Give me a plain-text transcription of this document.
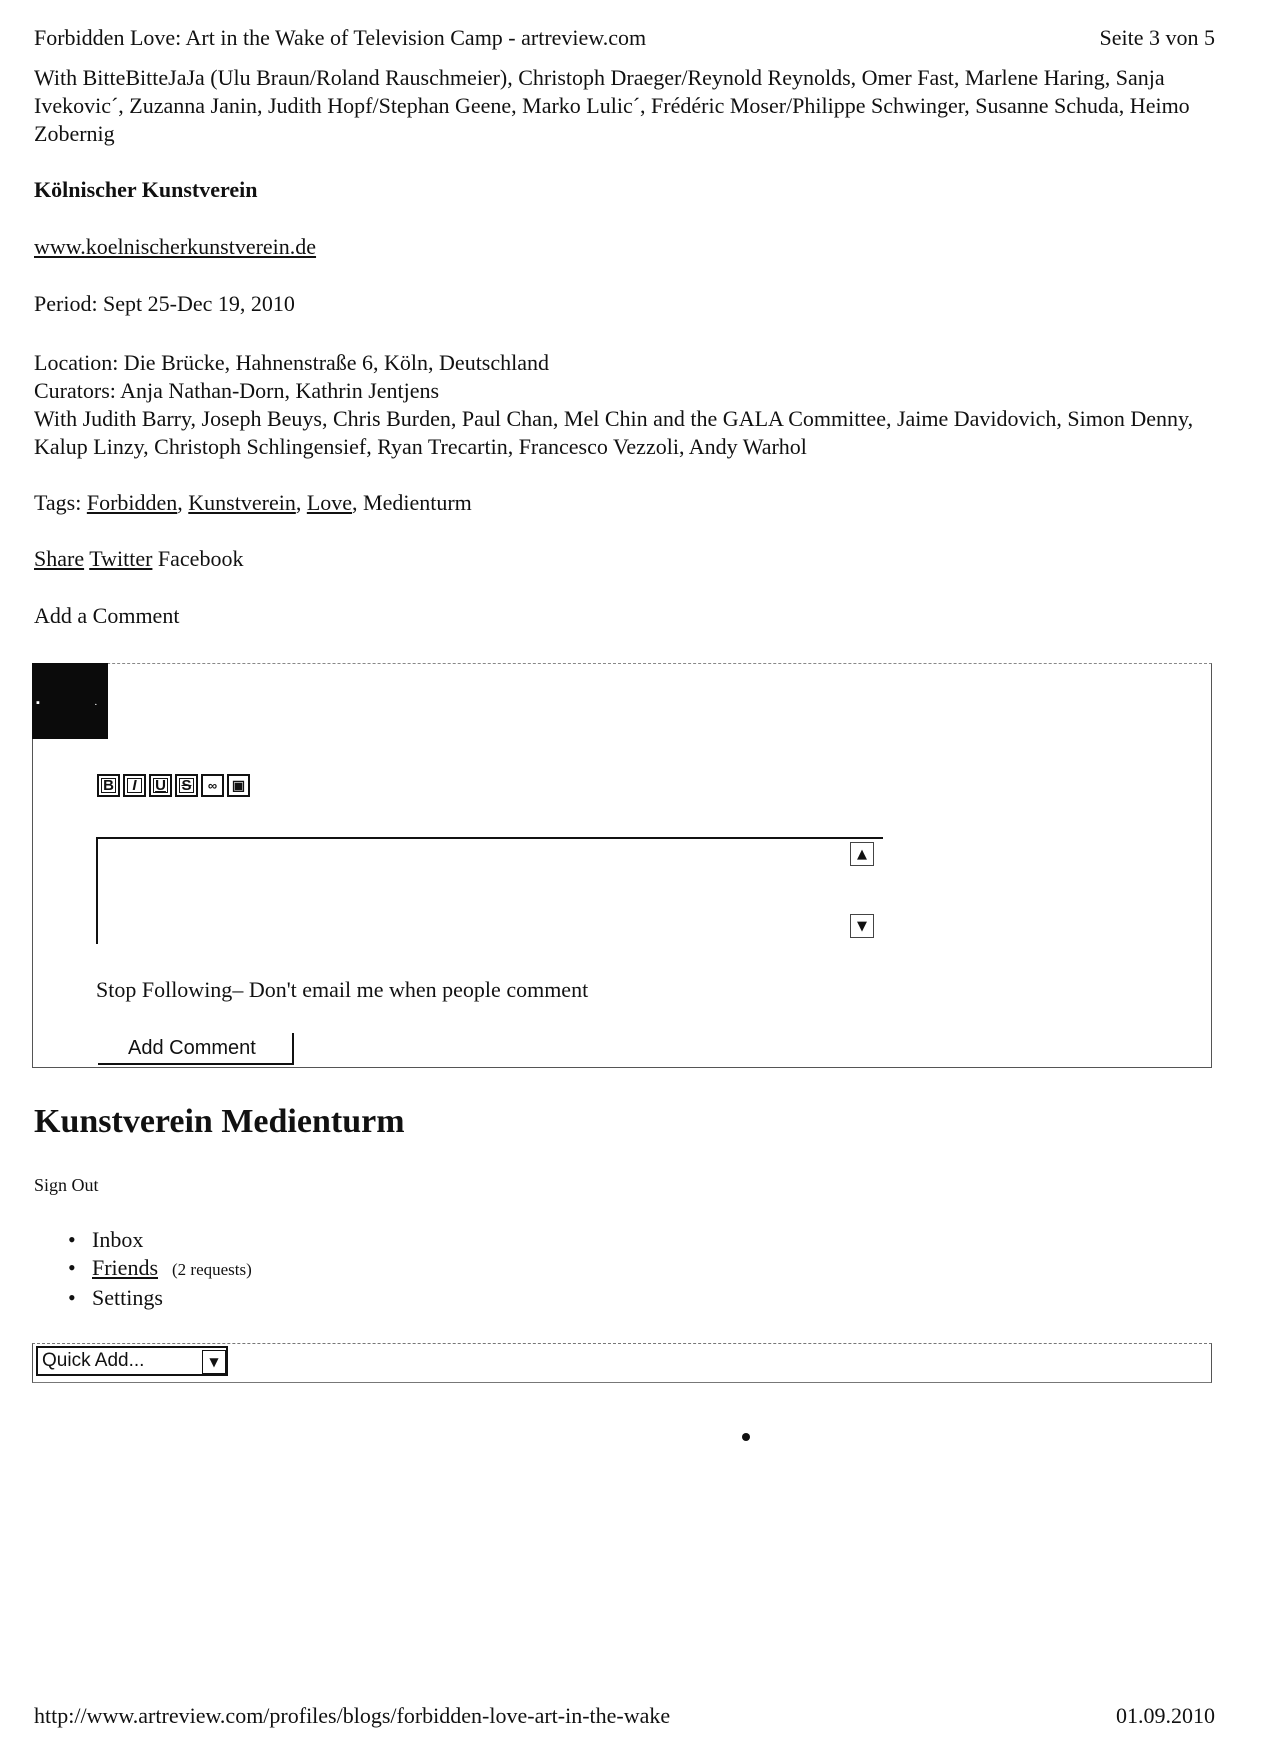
Forbidden Love: Art in the Wake of Television Camp - artreview.com	Seite 3 von 5
With BitteBitteJaJa (Ulu Braun/Roland Rauschmeier), Christoph Draeger/Reynold Reynolds, Omer Fast, Marlene Haring, Sanja Ivekovic´, Zuzanna Janin, Judith Hopf/Stephan Geene, Marko Lulic´, Frédéric Moser/Philippe Schwinger, Susanne Schuda, Heimo Zobernig
Kölnischer Kunstverein
www.koelnischerkunstverein.de
Period: Sept 25-Dec 19, 2010
Location: Die Brücke, Hahnenstraße 6, Köln, Deutschland
Curators: Anja Nathan-Dorn, Kathrin Jentjens
With Judith Barry, Joseph Beuys, Chris Burden, Paul Chan, Mel Chin and the GALA Committee, Jaime Davidovich, Simon Denny, Kalup Linzy, Christoph Schlingensief, Ryan Trecartin, Francesco Vezzoli, Andy Warhol
Tags: Forbidden, Kunstverein, Love, Medienturm
Share Twitter Facebook
Add a Comment
▪	·
B	I	U	S	∞	▣
▲
▼
Stop Following– Don't email me when people comment
Add Comment
Kunstverein Medienturm
Sign Out
• Inbox
• Friends (2 requests)
• Settings
Quick Add...	▼
http://www.artreview.com/profiles/blogs/forbidden-love-art-in-the-wake	01.09.2010
